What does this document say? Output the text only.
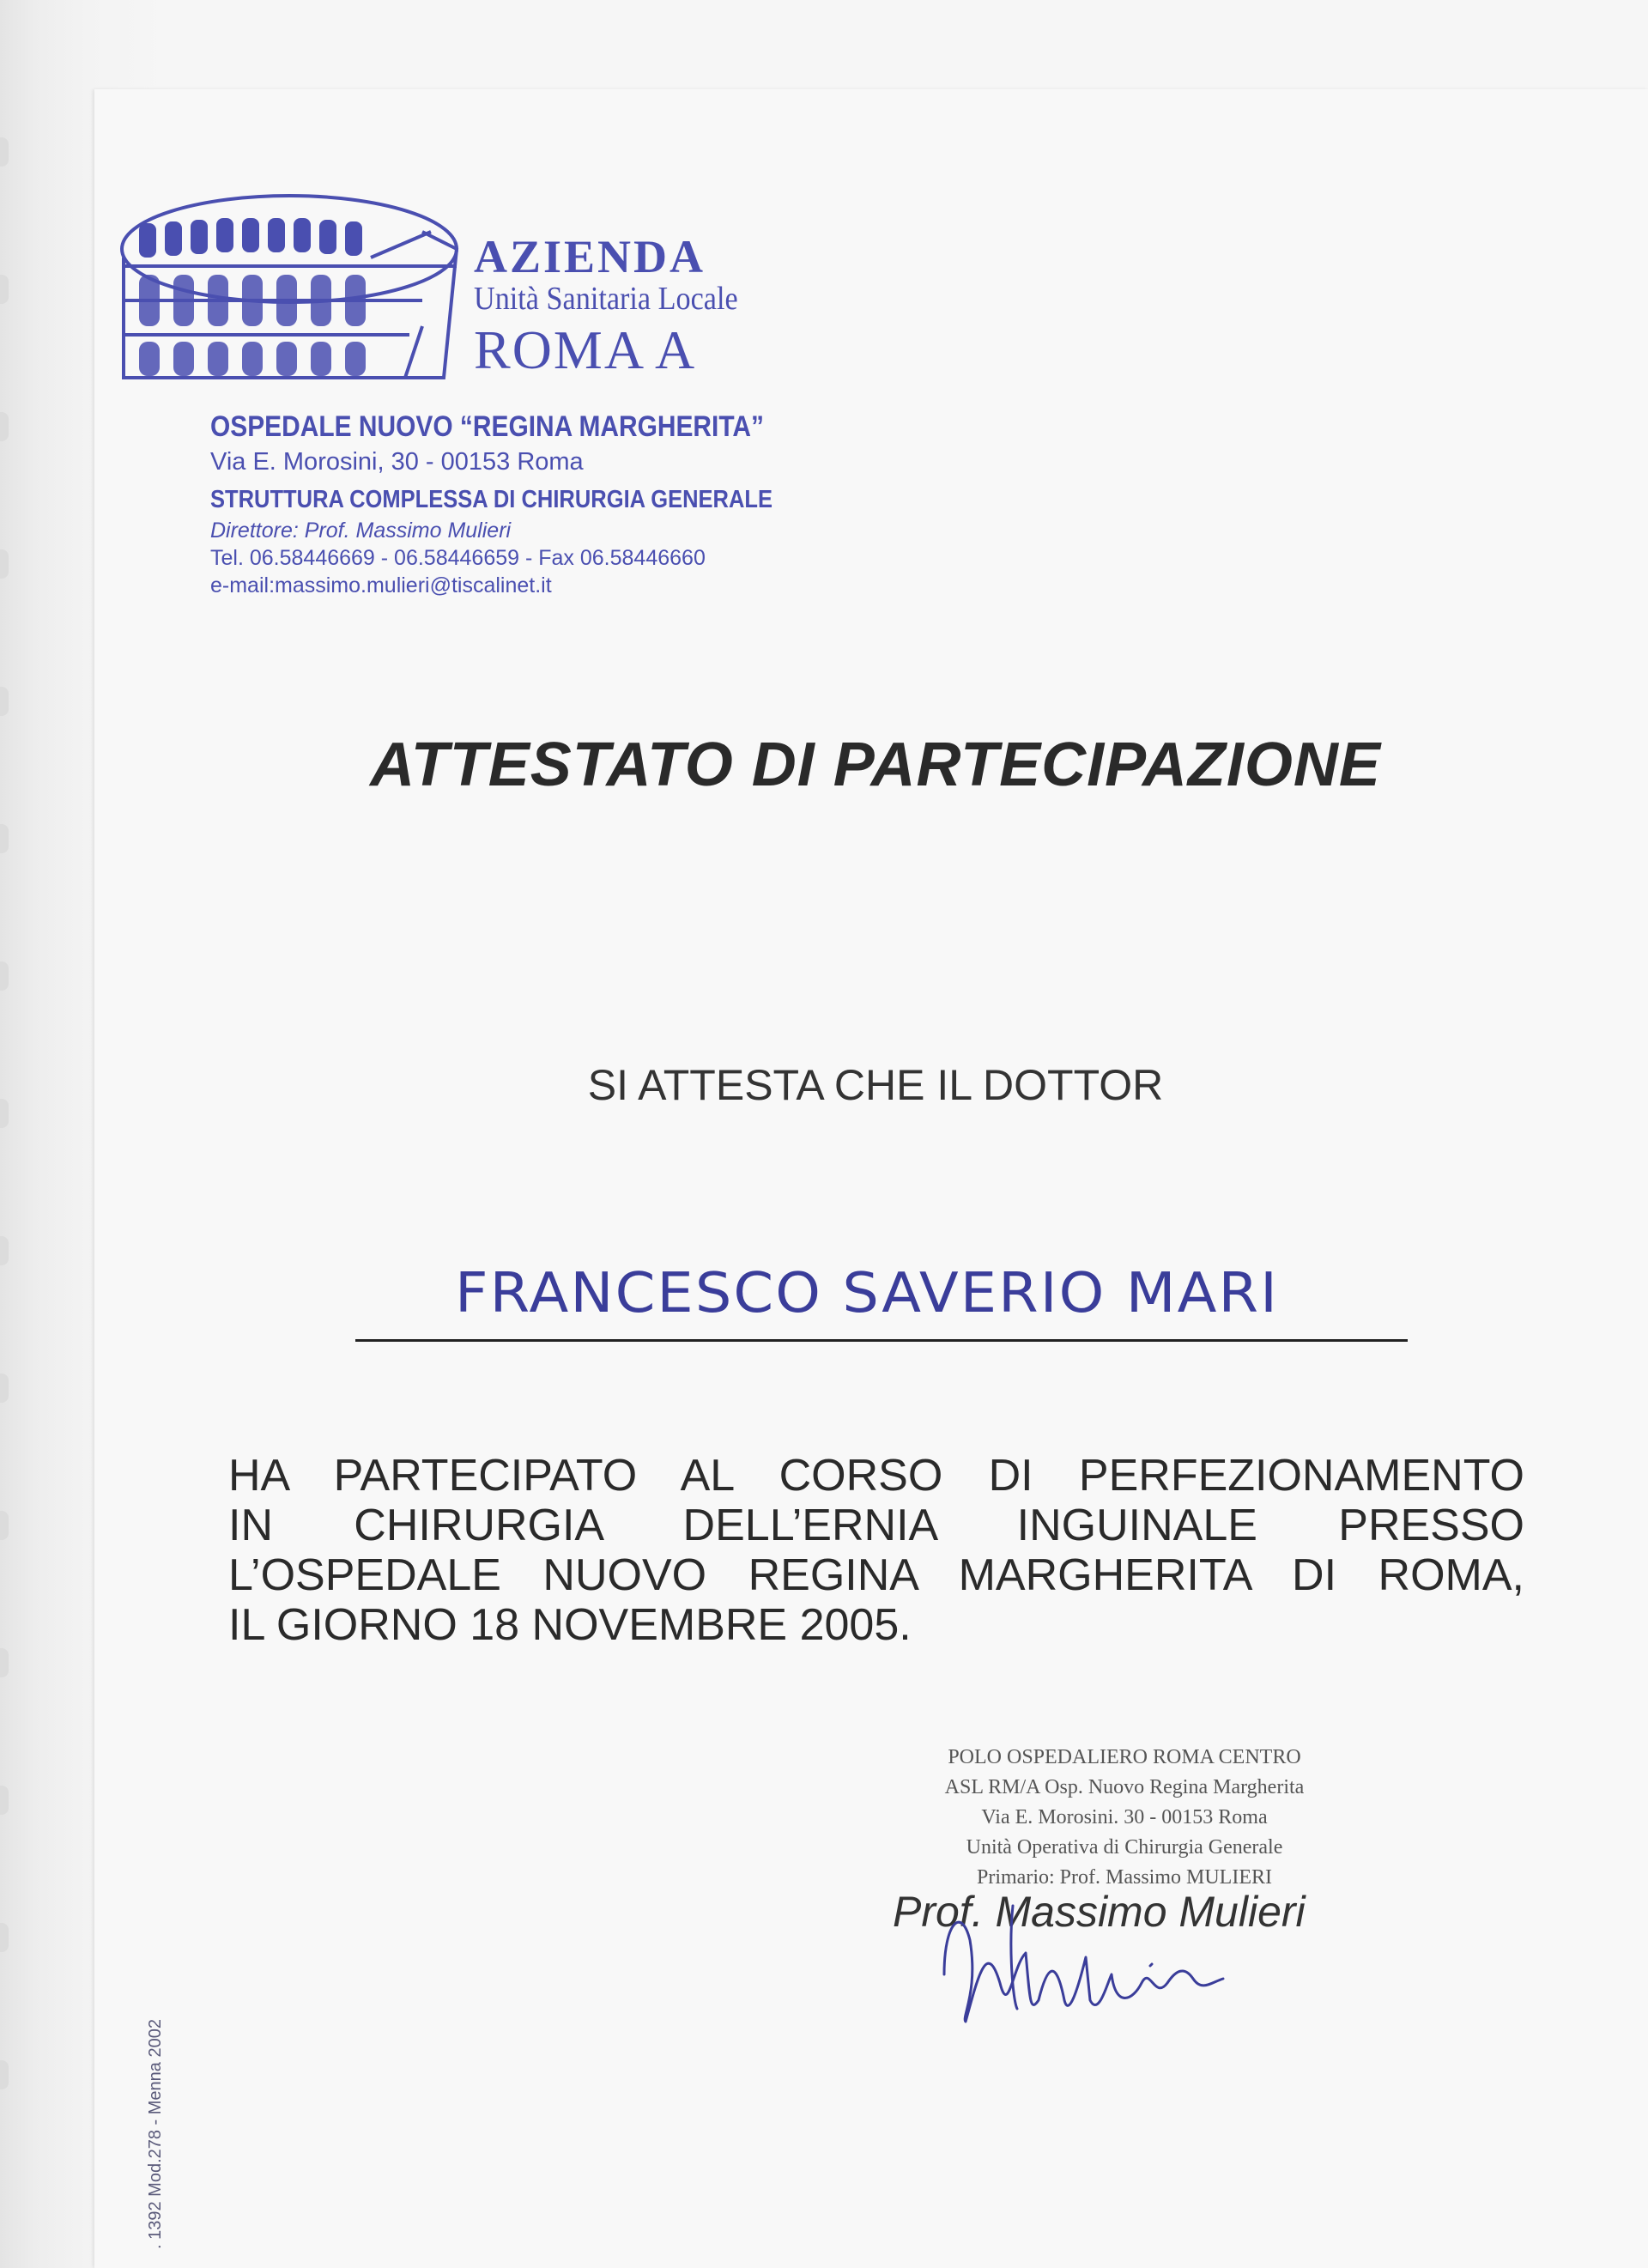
AZIENDA
Unità Sanitaria Locale
ROMA A
OSPEDALE NUOVO “REGINA MARGHERITA”
Via E. Morosini, 30 - 00153 Roma
STRUTTURA COMPLESSA DI CHIRURGIA GENERALE
Direttore: Prof. Massimo Mulieri
Tel. 06.58446669 - 06.58446659 - Fax 06.58446660
e-mail:massimo.mulieri@tiscalinet.it
ATTESTATO DI PARTECIPAZIONE
SI ATTESTA CHE IL DOTTOR
FRANCESCO SAVERIO MARI
HA PARTECIPATO AL CORSO DI PERFEZIONAMENTO
IN CHIRURGIA DELL’ERNIA INGUINALE PRESSO
L’OSPEDALE NUOVO REGINA MARGHERITA DI ROMA,
IL GIORNO 18 NOVEMBRE 2005.
POLO OSPEDALIERO ROMA CENTRO
ASL RM/A Osp. Nuovo Regina Margherita
Via E. Morosini. 30 - 00153 Roma
Unità Operativa di Chirurgia Generale
Primario: Prof. Massimo MULIERI
Prof. Massimo Mulieri
. 1392 Mod.278 - Menna 2002
